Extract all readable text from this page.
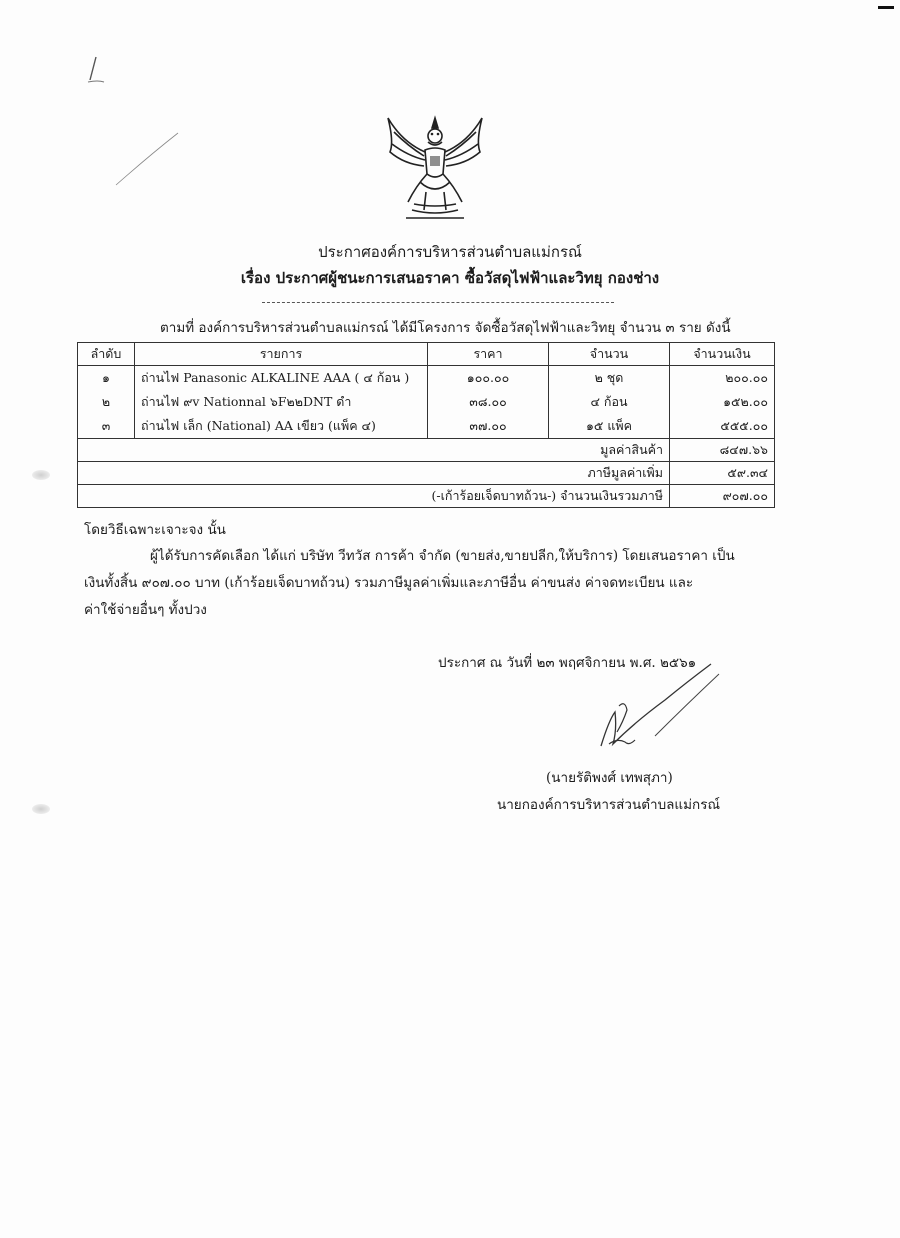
ประกาศองค์การบริหารส่วนตำบลแม่กรณ์
เรื่อง ประกาศผู้ชนะการเสนอราคา ซื้อวัสดุไฟฟ้าและวิทยุ กองช่าง
ตามที่ องค์การบริหารส่วนตำบลแม่กรณ์ ได้มีโครงการ จัดซื้อวัสดุไฟฟ้าและวิทยุ จำนวน ๓ ราย ดังนี้
ลำดับ	รายการ	ราคา	จำนวน	จำนวนเงิน
๑	ถ่านไฟ Panasonic ALKALINE AAA ( ๔ ก้อน )	๑๐๐.๐๐	๒ ชุด	๒๐๐.๐๐
๒	ถ่านไฟ ๙v Nationnal ๖F๒๒DNT ดำ	๓๘.๐๐	๔ ก้อน	๑๕๒.๐๐
๓	ถ่านไฟ เล็ก (National) AA เขียว (แพ็ค ๔)	๓๗.๐๐	๑๕ แพ็ค	๕๕๕.๐๐
มูลค่าสินค้า				๘๔๗.๖๖
ภาษีมูลค่าเพิ่ม				๕๙.๓๔
(-เก้าร้อยเจ็ดบาทถ้วน-) จำนวนเงินรวมภาษี				๙๐๗.๐๐
โดยวิธีเฉพาะเจาะจง นั้น
ผู้ได้รับการคัดเลือก ได้แก่ บริษัท วีทวัส การค้า จำกัด (ขายส่ง,ขายปลีก,ให้บริการ) โดยเสนอราคา เป็น
เงินทั้งสิ้น ๙๐๗.๐๐ บาท (เก้าร้อยเจ็ดบาทถ้วน) รวมภาษีมูลค่าเพิ่มและภาษีอื่น ค่าขนส่ง ค่าจดทะเบียน และ
ค่าใช้จ่ายอื่นๆ ทั้งปวง
ประกาศ ณ วันที่ ๒๓ พฤศจิกายน พ.ศ. ๒๕๖๑
(นายรัติพงศ์ เทพสุภา)
นายกองค์การบริหารส่วนตำบลแม่กรณ์
